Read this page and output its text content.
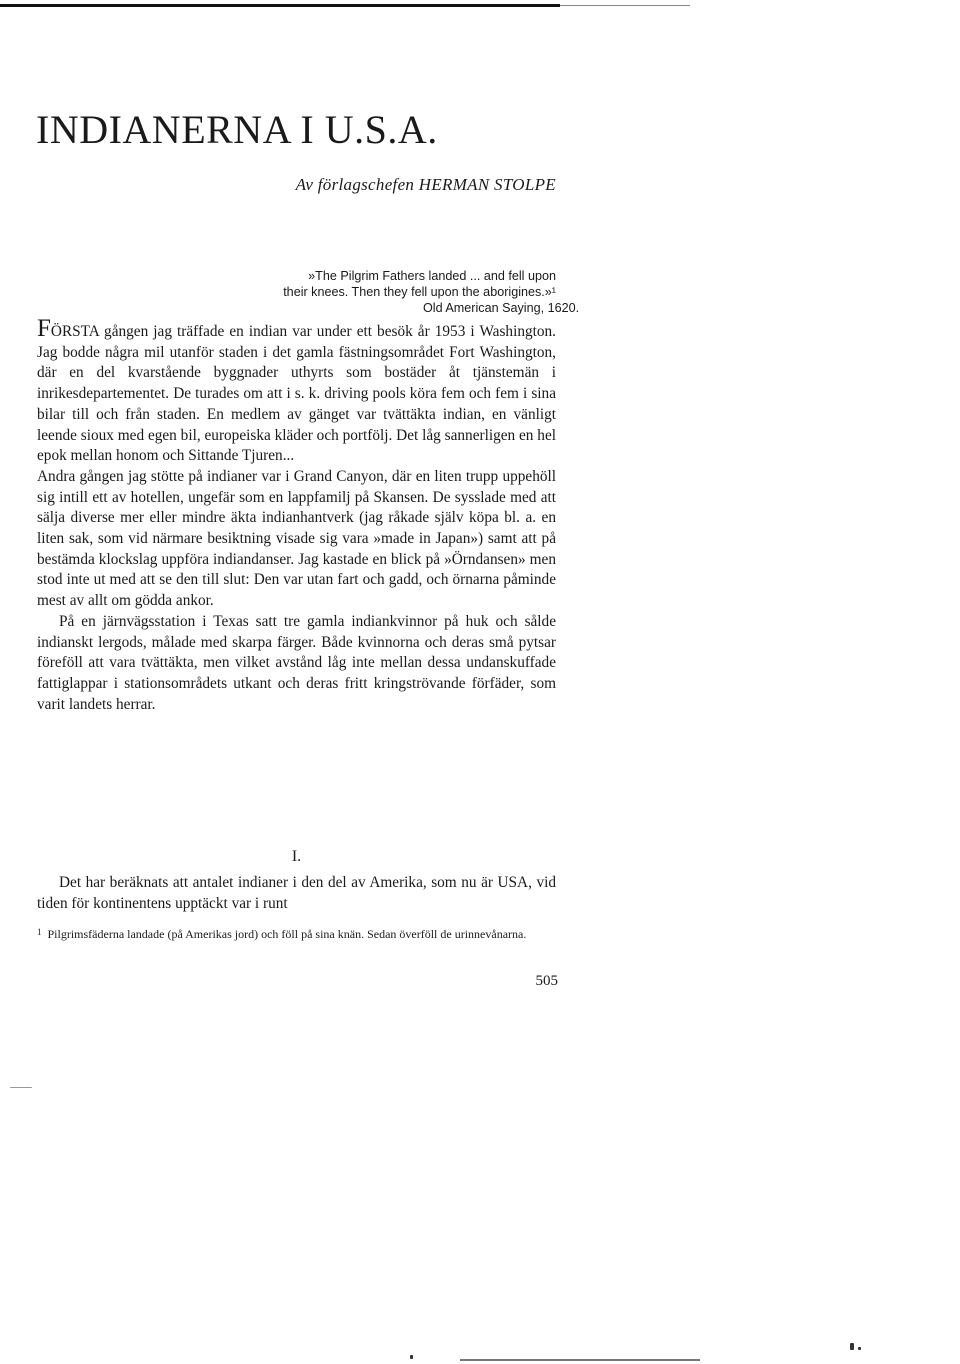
INDIANERNA I U.S.A.
Av förlagschefen HERMAN STOLPE
»The Pilgrim Fathers landed ... and fell upon
their knees. Then they fell upon the aborigines.»¹
Old American Saying, 1620.

FÖRSTA gången jag träffade en indian var under ett besök år 1953 i Washington. Jag bodde några mil utanför staden i det gamla fästningsområdet Fort Washington, där en del kvarstående byggnader uthyrts som bostäder åt tjänstemän i inrikesdepartementet. De turades om att i s. k. driving pools köra fem och fem i sina bilar till och från staden. En medlem av gänget var tvättäkta indian, en vänligt leende sioux med egen bil, europeiska kläder och portfölj. Det låg sannerligen en hel epok mellan honom och Sittande Tjuren...

Andra gången jag stötte på indianer var i Grand Canyon, där en liten trupp uppehöll sig intill ett av hotellen, ungefär som en lappfamilj på Skansen. De sysslade med att sälja diverse mer eller mindre äkta indianhantverk (jag råkade själv köpa bl. a. en liten sak, som vid närmare besiktning visade sig vara »made in Japan») samt att på bestämda klockslag uppföra indiandanser. Jag kastade en blick på »Örndansen» men stod inte ut med att se den till slut: Den var utan fart och gadd, och örnarna påminde mest av allt om gödda ankor.

På en järnvägsstation i Texas satt tre gamla indiankvinnor på huk och sålde indianskt lergods, målade med skarpa färger. Både kvinnorna och deras små pytsar föreföll att vara tvättäkta, men vilket avstånd låg inte mellan dessa undanskuffade fattiglappar i stationsområdets utkant och deras fritt kringströvande förfäder, som varit landets herrar.

I.

Det har beräknats att antalet indianer i den del av Amerika, som nu är USA, vid tiden för kontinentens upptäckt var i runt

$^1$ Pilgrimsfäderna landade (på Amerikas jord) och föll på sina knän. Sedan överföll de urinnevånarna.
505
